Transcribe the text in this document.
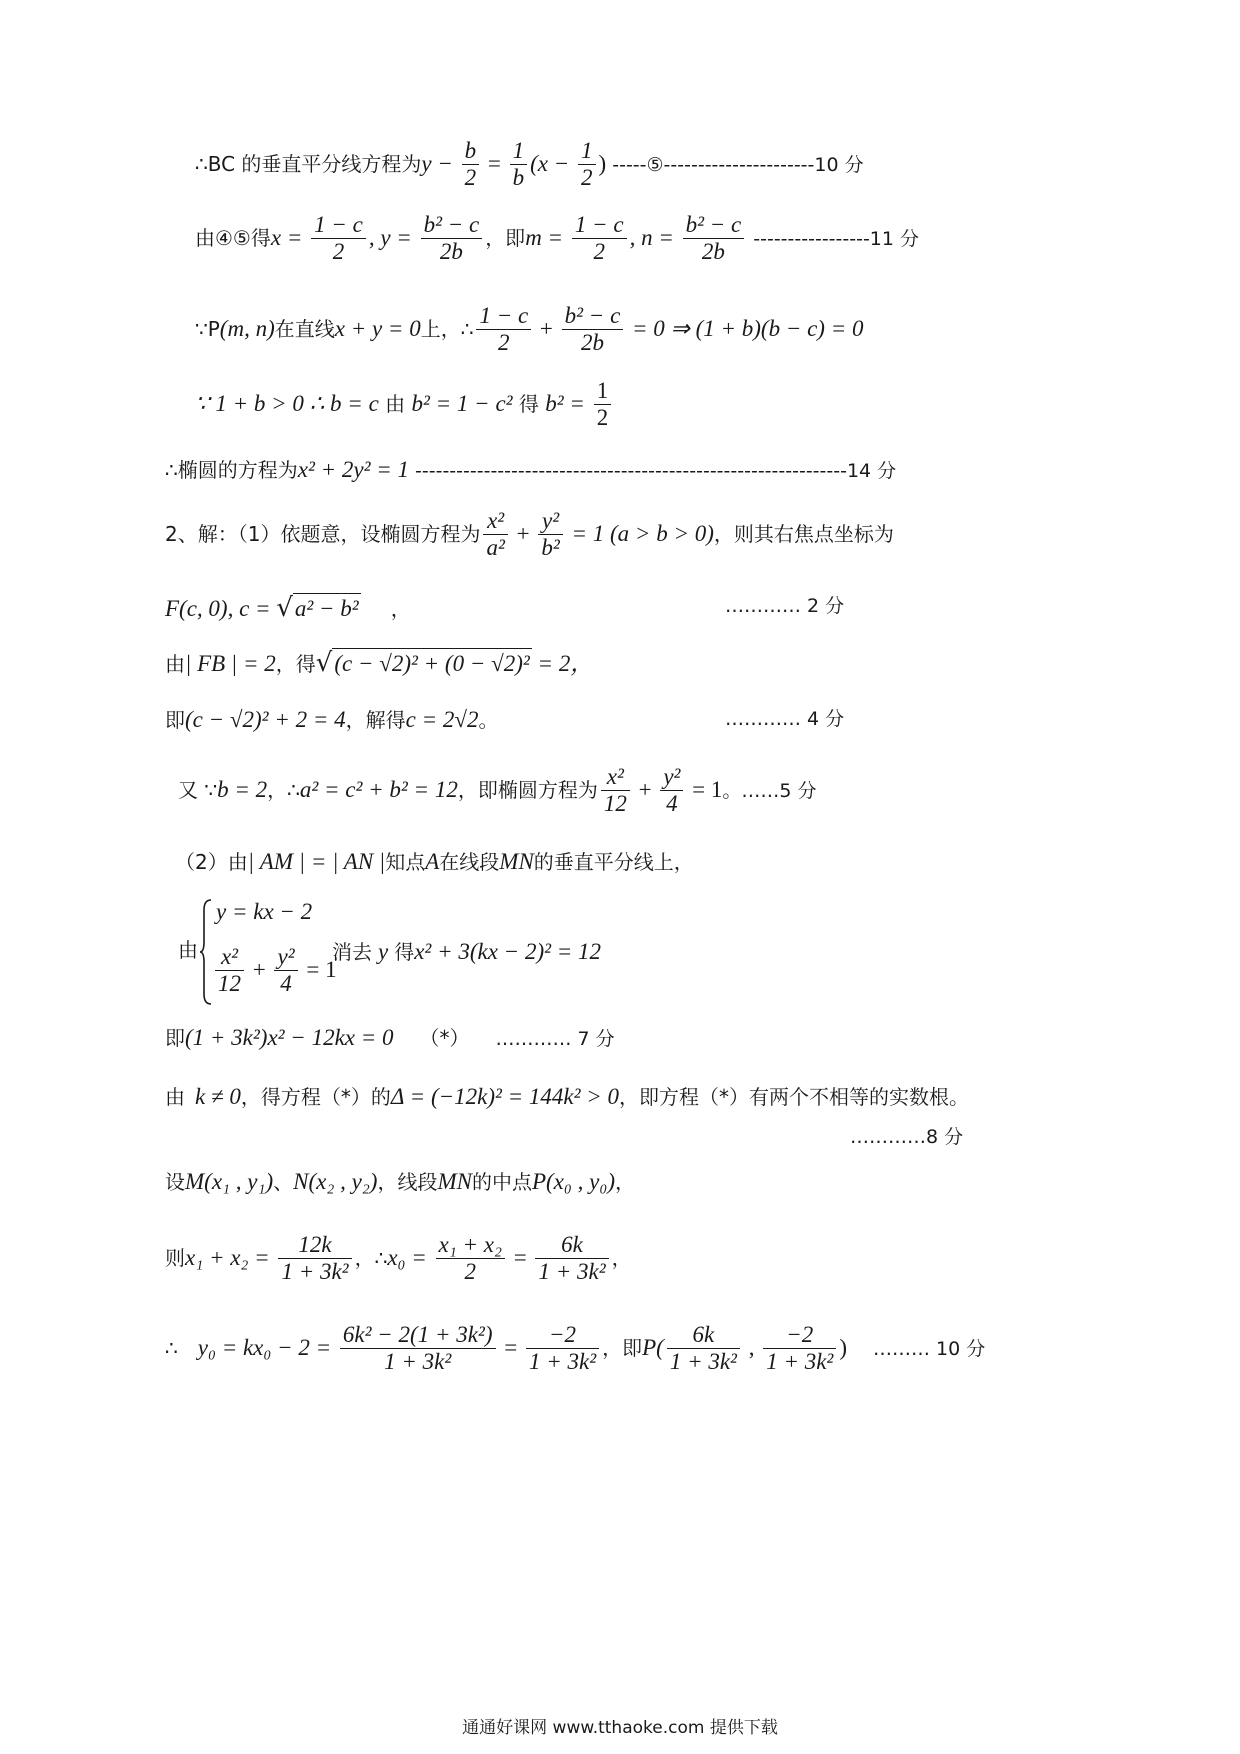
∴BC 的垂直平分线方程为$y - \frac{b}{2} = \frac{1}{b} (x - \frac{1}{2}$ ) -----⑤----------------------10 分
由④⑤得$x = \frac{1 - c}{2}$ , $y = \frac{\text{b² − c}}{2b}$ ，即$m = \frac{1 - c}{2}$ , $n = \frac{\text{b² − c}}{2b} -----------------11$ 分
∵P(m, n)在直线x + y = 0上，∴ $\frac{1 - c}{2} + \frac{\text{b² − c}}{2b} = 0$ ⇒ (1 + b)(b − c) = 0
∵ 1 + b > 0 ∴ b = c 由 b² = 1 − c² 得 $b^2 = \frac{1}{2}$
∴椭圆的方程为x² + 2y² = 1 ---------------------------------------------------------------14 分
2、解：（1）依题意，设椭圆方程为 $\frac{\text{x²}}{\text{a²}} + \frac{\text{y²}}{\text{b²}} = 1$ (a > b > 0)，则其右焦点坐标为
F(c, 0), c = √a² − b² ，	………… 2 分
由| FB | = 2，得√(c − √2)² + (0 − √2)² = 2，
即(c − √2)² + 2 = 4，解得c = 2√2。	………… 4 分
又 ∵b = 2，∴a² = c² + b² = 12，即椭圆方程为 $\frac{\text{x²}}{12} + \frac{\text{y²}}{4} = 1$。……5 分
（2）由| AM | = | AN |知点A在线段MN的垂直平分线上，
由
y = kx − 2
$\frac{\text{x²}}{12} + \frac{\text{y²}}{4} = 1$
消去 y 得x² + 3(kx − 2)² = 12
即(1 + 3k²)x² − 12kx = 0 （*） ………… 7 分
由 k ≠ 0，得方程（*）的Δ = (−12k)² = 144k² > 0，即方程（*）有两个不相等的实数根。
…………8 分
设M(x₁ , y₁)、N(x₂ , y₂)，线段MN的中点P(x₀ , y₀)，
则$x_1 + x_2 = \frac{12k}{\text{1 + 3k²}}$ ，∴x₀ = $\frac{\text{x₁ + x₂}}{2} = \frac{6k}{\text{1 + 3k²}}$ ，
∴ $y_0 = kx_0 - 2 = \frac{\text{6k² − 2(1 + 3k²)}}{\text{1 + 3k²}} = \frac{-2}{\text{1 + 3k²}}$ ，即$P( \frac{6k}{\text{1 + 3k²}}$ , $\frac{-2}{\text{1 + 3k²}}$ ) ……… 10 分
通通好课网 www.tthaoke.com 提供下载
